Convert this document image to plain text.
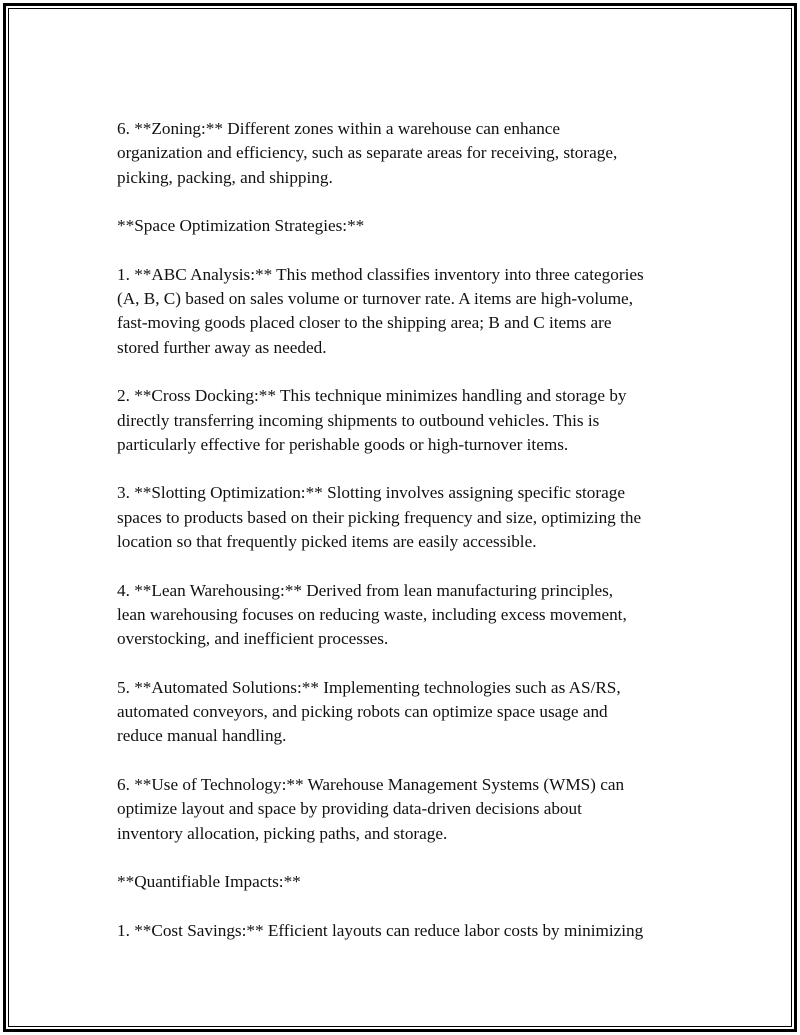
6. **Zoning:** Different zones within a warehouse can enhance
organization and efficiency, such as separate areas for receiving, storage,
picking, packing, and shipping.

**Space Optimization Strategies:**

1. **ABC Analysis:** This method classifies inventory into three categories
(A, B, C) based on sales volume or turnover rate. A items are high-volume,
fast-moving goods placed closer to the shipping area; B and C items are
stored further away as needed.

2. **Cross Docking:** This technique minimizes handling and storage by
directly transferring incoming shipments to outbound vehicles. This is
particularly effective for perishable goods or high-turnover items.

3. **Slotting Optimization:** Slotting involves assigning specific storage
spaces to products based on their picking frequency and size, optimizing the
location so that frequently picked items are easily accessible.

4. **Lean Warehousing:** Derived from lean manufacturing principles,
lean warehousing focuses on reducing waste, including excess movement,
overstocking, and inefficient processes.

5. **Automated Solutions:** Implementing technologies such as AS/RS,
automated conveyors, and picking robots can optimize space usage and
reduce manual handling.

6. **Use of Technology:** Warehouse Management Systems (WMS) can
optimize layout and space by providing data-driven decisions about
inventory allocation, picking paths, and storage.

**Quantifiable Impacts:**

1. **Cost Savings:** Efficient layouts can reduce labor costs by minimizing
